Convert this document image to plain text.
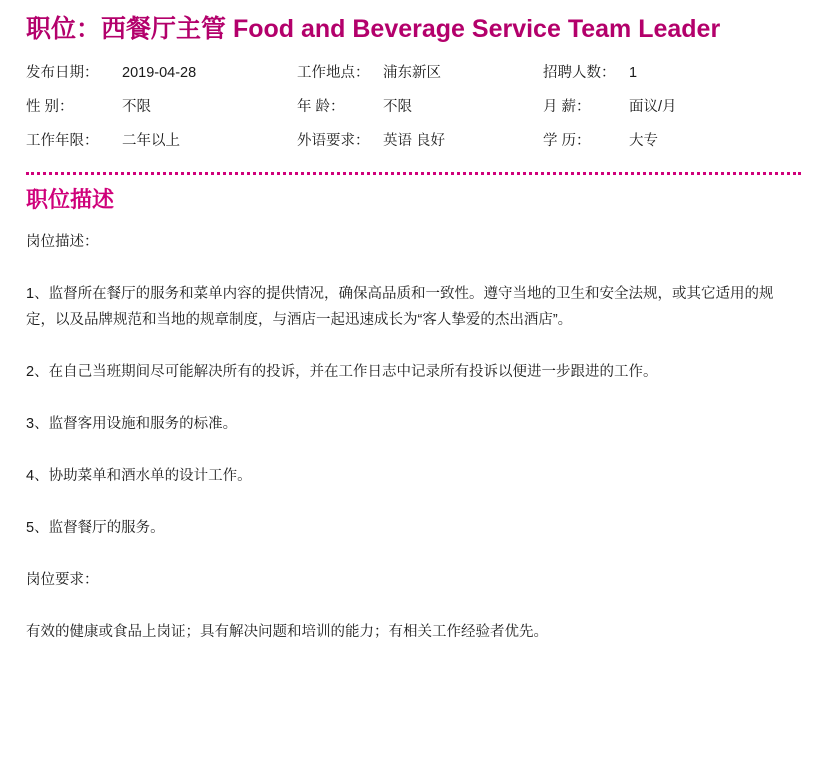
职位：西餐厅主管 Food and Beverage Service Team Leader
发布日期：	2019-04-28	工作地点：	浦东新区	招聘人数：	1
性 别：	不限	年 龄：	不限	月 薪：	面议/月
工作年限：	二年以上	外语要求：	英语 良好	学 历：	大专
职位描述

岗位描述：

1、监督所在餐厅的服务和菜单内容的提供情况，确保高品质和一致性。遵守当地的卫生和安全法规，或其它适用的规定，以及品牌规范和当地的规章制度，与酒店一起迅速成长为“客人挚爱的杰出酒店”。

2、在自己当班期间尽可能解决所有的投诉，并在工作日志中记录所有投诉以便进一步跟进的工作。

3、监督客用设施和服务的标准。

4、协助菜单和酒水单的设计工作。

5、监督餐厅的服务。

岗位要求：

有效的健康或食品上岗证；具有解决问题和培训的能力；有相关工作经验者优先。
